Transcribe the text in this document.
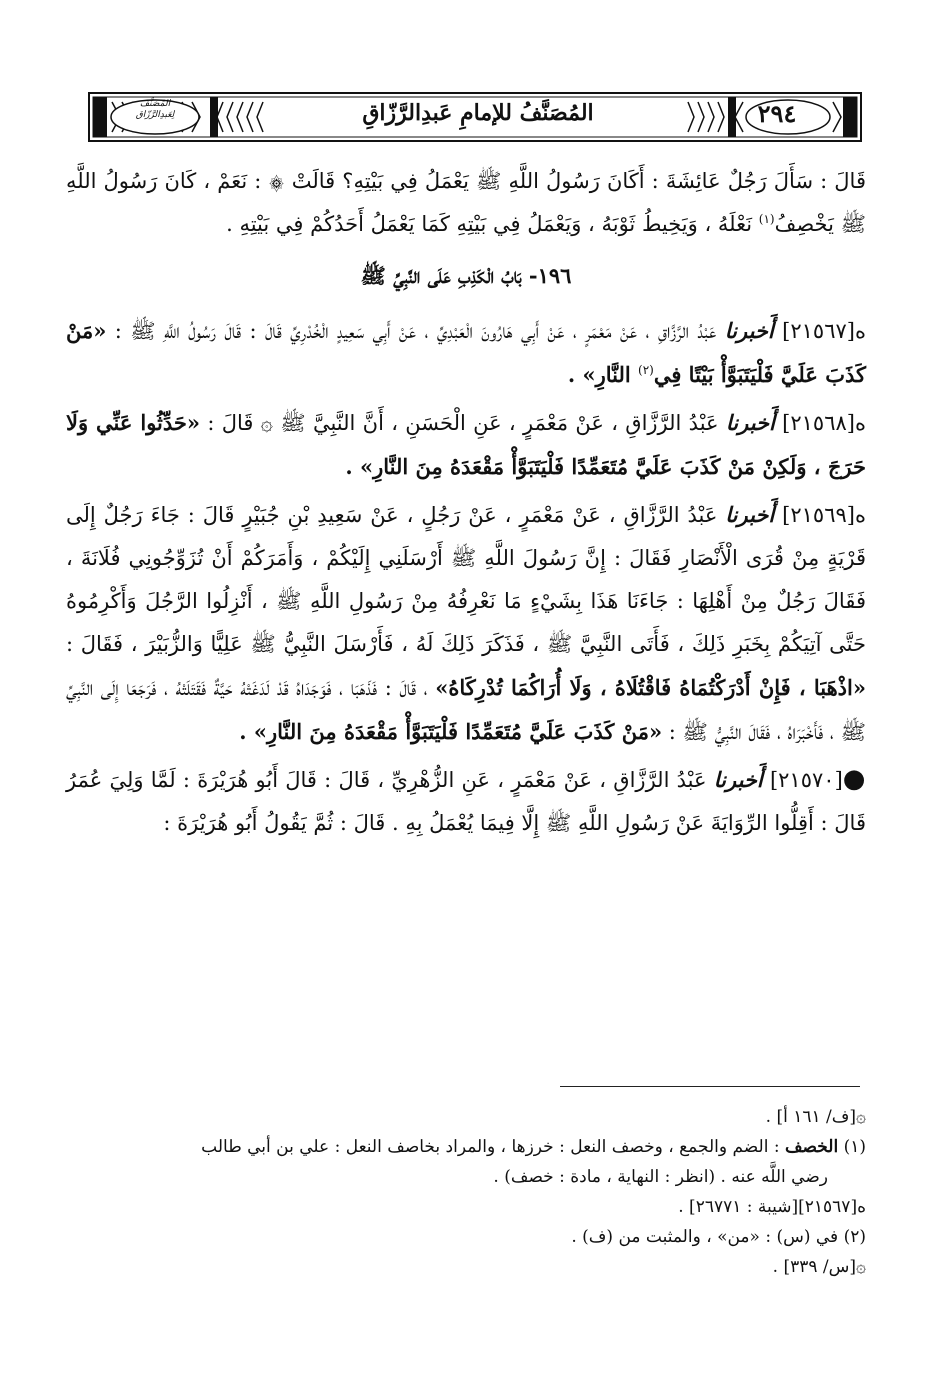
المُصَنَّفُ للإمامِ عَبدِالرَّزّاقِ	٢٩٤
المُصَنَّف
لِعَبدِالرَّزّاق

قَالَ : سَأَلَ رَجُلٌ عَائِشَةَ : أَكَانَ رَسُولُ اللَّهِ ﷺ يَعْمَلُ فِي بَيْتِهِ؟ قَالَتْ ۞ : نَعَمْ ، كَانَ رَسُولُ اللَّهِ ﷺ يَخْصِفُ$^{(١)}$ نَعْلَهُ ، وَيَخِيطُ ثَوْبَهُ ، وَيَعْمَلُ فِي بَيْتِهِ كَمَا يَعْمَلُ أَحَدُكُمْ فِي بَيْتِهِ .

١٩٦- بَابُ الْكَذِبِ عَلَى النَّبِيِّ ﷺ

ه[٢١٥٦٧] أَخبرنا عَبْدُ الرَّزَّاقِ ، عَنْ مَعْمَرٍ ، عَنْ أَبِي هَارُونَ الْعَبْدِيِّ ، عَنْ أَبِي سَعِيدٍ الْخُدْرِيِّ قَالَ : قَالَ رَسُولُ اللَّهِ ﷺ : «مَنْ كَذَبَ عَلَيَّ فَلْيَتَبَوَّأْ بَيْتًا فِي$^{(٢)}$ النَّارِ» .

ه[٢١٥٦٨] أَخبرنا عَبْدُ الرَّزَّاقِ ، عَنْ مَعْمَرٍ ، عَنِ الْحَسَنِ ، أَنَّ النَّبِيَّ ﷺ ۞ قَالَ : «حَدِّثُوا عَنِّي وَلَا حَرَجَ ، وَلَكِنْ مَنْ كَذَبَ عَلَيَّ مُتَعَمِّدًا فَلْيَتَبَوَّأْ مَقْعَدَهُ مِنَ النَّارِ» .

ه[٢١٥٦٩] أَخبرنا عَبْدُ الرَّزَّاقِ ، عَنْ مَعْمَرٍ ، عَنْ رَجُلٍ ، عَنْ سَعِيدِ بْنِ جُبَيْرٍ قَالَ : جَاءَ رَجُلٌ إِلَى قَرْيَةٍ مِنْ قُرَى الْأَنْصَارِ فَقَالَ : إِنَّ رَسُولَ اللَّهِ ﷺ أَرْسَلَنِي إِلَيْكُمْ ، وَأَمَرَكُمْ أَنْ تُزَوِّجُونِي فُلَانَةَ ، فَقَالَ رَجُلٌ مِنْ أَهْلِهَا : جَاءَنَا هَذَا بِشَيْءٍ مَا نَعْرِفُهُ مِنْ رَسُولِ اللَّهِ ﷺ ، أَنْزِلُوا الرَّجُلَ وَأَكْرِمُوهُ حَتَّى آتِيَكُمْ بِخَبَرِ ذَلِكَ ، فَأَتَى النَّبِيَّ ﷺ ، فَذَكَرَ ذَلِكَ لَهُ ، فَأَرْسَلَ النَّبِيُّ ﷺ عَلِيًّا وَالزُّبَيْرَ ، فَقَالَ : «اذْهَبَا ، فَإِنْ أَدْرَكْتُمَاهُ فَاقْتُلَاهُ ، وَلَا أُرَاكُمَا تُدْرِكَاهُ» ، قَالَ : فَذَهَبَا ، فَوَجَدَاهُ قَدْ لَدَغَتْهُ حَيَّةٌ فَقَتَلَتْهُ ، فَرَجَعَا إِلَى النَّبِيِّ ﷺ ، فَأَخْبَرَاهُ ، فَقَالَ النَّبِيُّ ﷺ : «مَنْ كَذَبَ عَلَيَّ مُتَعَمِّدًا فَلْيَتَبَوَّأْ مَقْعَدَهُ مِنَ النَّارِ» .

●[٢١٥٧٠] أَخبرنا عَبْدُ الرَّزَّاقِ ، عَنْ مَعْمَرٍ ، عَنِ الزُّهْرِيِّ ، قَالَ : قَالَ أَبُو هُرَيْرَةَ : لَمَّا وَلِيَ عُمَرُ قَالَ : أَقِلُّوا الرِّوَايَةَ عَنْ رَسُولِ اللَّهِ ﷺ إِلَّا فِيمَا يُعْمَلُ بِهِ . قَالَ : ثُمَّ يَقُولُ أَبُو هُرَيْرَةَ :

۞[ف/ ١٦١ أ] .
(١) الخصف : الضم والجمع ، وخصف النعل : خرزها ، والمراد بخاصف النعل : علي بن أبي طالب
رضي اللَّه عنه . (انظر : النهاية ، مادة : خصف) .
ه[٢١٥٦٧][شيبة : ٢٦٧٧١] .
(٢) في (س) : «من» ، والمثبت من (ف) .
۞[س/ ٣٣٩] .
